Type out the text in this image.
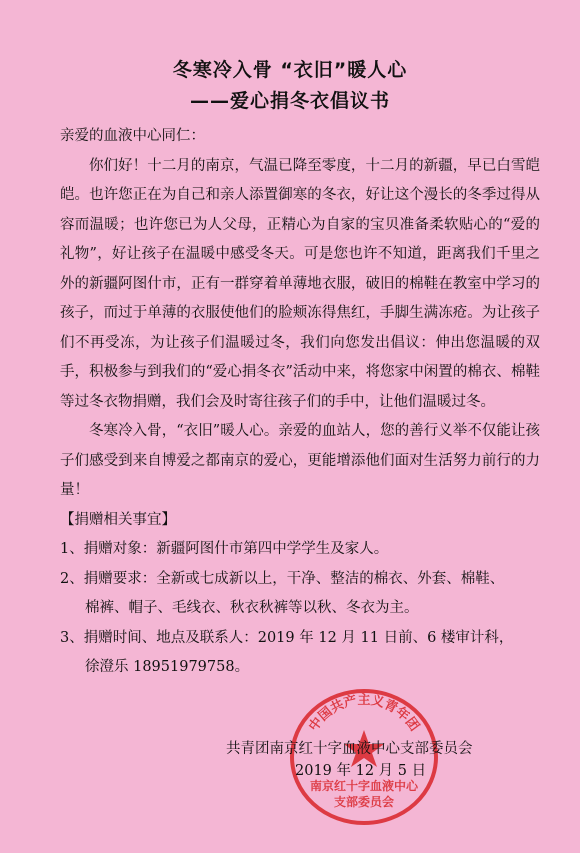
冬寒冷入骨 “衣旧”暖人心
——爱心捐冬衣倡议书

亲爱的血液中心同仁：

你们好！十二月的南京，气温已降至零度，十二月的新疆，早已白雪皑皑。也许您正在为自己和亲人添置御寒的冬衣，好让这个漫长的冬季过得从容而温暖；也许您已为人父母，正精心为自家的宝贝准备柔软贴心的“爱的礼物”，好让孩子在温暖中感受冬天。可是您也许不知道，距离我们千里之外的新疆阿图什市，正有一群穿着单薄地衣服，破旧的棉鞋在教室中学习的孩子，而过于单薄的衣服使他们的脸颊冻得焦红，手脚生满冻疮。为让孩子们不再受冻，为让孩子们温暖过冬，我们向您发出倡议：伸出您温暖的双手，积极参与到我们的“爱心捐冬衣”活动中来，将您家中闲置的棉衣、棉鞋等过冬衣物捐赠，我们会及时寄往孩子们的手中，让他们温暖过冬。

冬寒冷入骨，“衣旧”暖人心。亲爱的血站人，您的善行义举不仅能让孩子们感受到来自博爱之都南京的爱心，更能增添他们面对生活努力前行的力量！

【捐赠相关事宜】

1、捐赠对象：新疆阿图什市第四中学学生及家人。

2、捐赠要求：全新或七成新以上，干净、整洁的棉衣、外套、棉鞋、

棉裤、帽子、毛线衣、秋衣秋裤等以秋、冬衣为主。

3、捐赠时间、地点及联系人：2019 年 12 月 11 日前、6 楼审计科，

徐澄乐 18951979758。

中国共产主义青年团
南京红十字血液中心
支部委员会
共青团南京红十字血液中心支部委员会
2019 年 12 月 5 日
